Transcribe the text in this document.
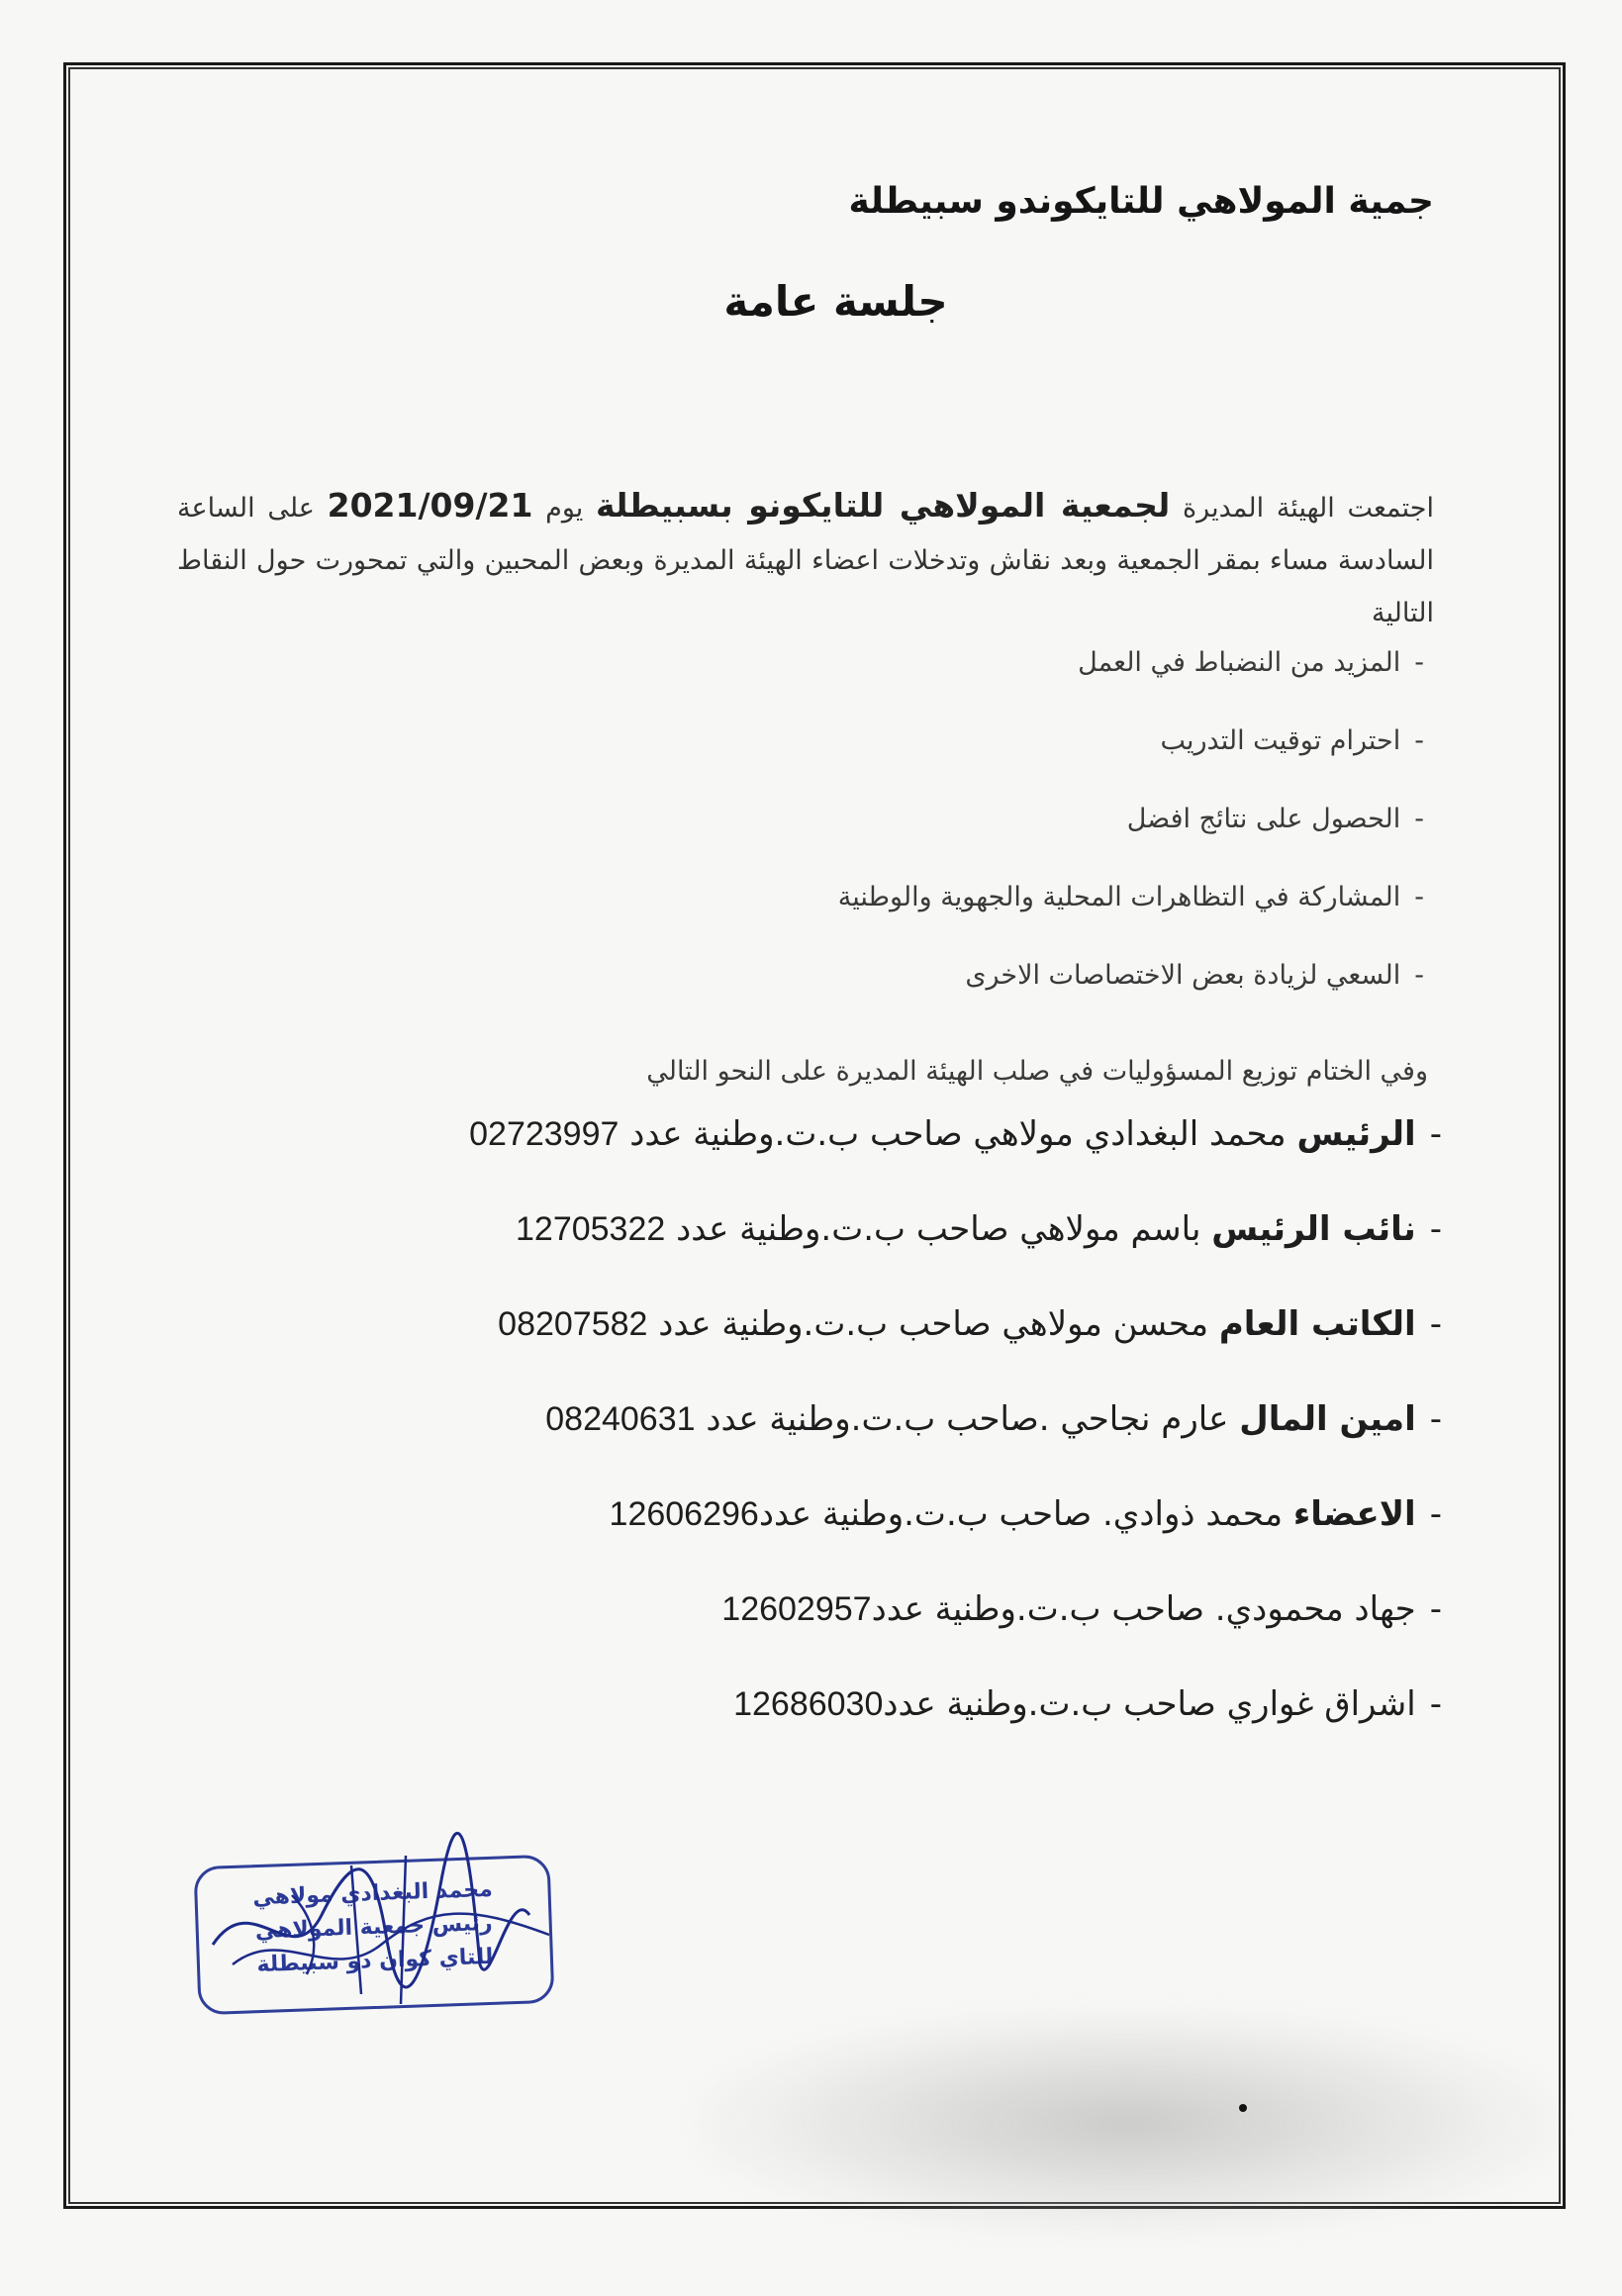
جمية المولاهي للتايكوندو سبيطلة
جلسة عامة

اجتمعت الهيئة المديرة لجمعية المولاهي للتايكونو بسبيطلة يوم 2021/09/21 على الساعة السادسة مساء بمقر الجمعية وبعد نقاش وتدخلات اعضاء الهيئة المديرة وبعض المحبين والتي تمحورت حول النقاط التالية

-المزيد من النضباط في العمل
-احترام توقيت التدريب
-الحصول على نتائج افضل
-المشاركة في التظاهرات المحلية والجهوية والوطنية
-السعي لزيادة بعض الاختصاصات الاخرى

وفي الختام توزيع المسؤوليات في صلب الهيئة المديرة على النحو التالي

-الرئيس محمد البغدادي مولاهي صاحب ب.ت.وطنية عدد 02723997
-نائب الرئيس باسم مولاهي صاحب ب.ت.وطنية عدد 12705322
-الكاتب العام محسن مولاهي صاحب ب.ت.وطنية عدد 08207582
-امين المال عارم نجاحي .صاحب ب.ت.وطنية عدد 08240631
-الاعضاء محمد ذوادي. صاحب ب.ت.وطنية عدد12606296
-جهاد محمودي. صاحب ب.ت.وطنية عدد12602957
-اشراق غواري صاحب ب.ت.وطنية عدد12686030
محمد البغدادي مولاهي
رئيس جمعية المولاهي
للتاي كوان دو سبيطلة
